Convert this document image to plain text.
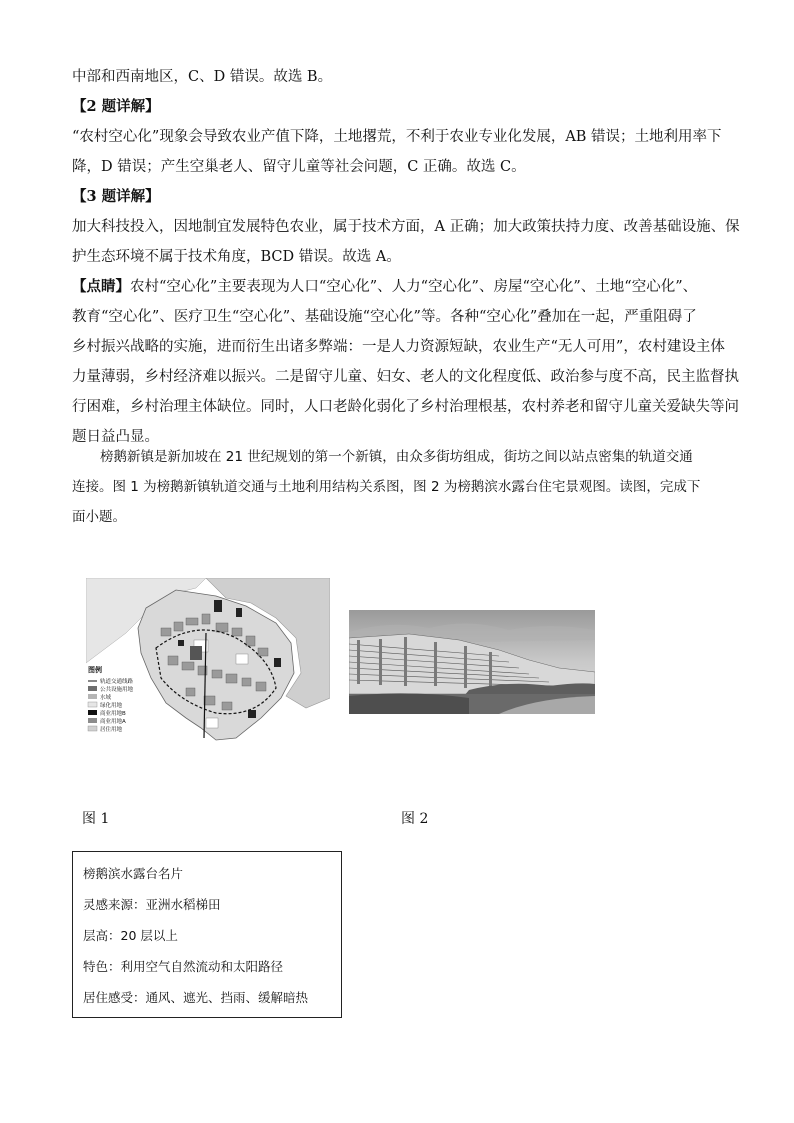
中部和西南地区，C、D 错误。故选 B。
【2 题详解】
“农村空心化”现象会导致农业产值下降，土地撂荒，不利于农业专业化发展，AB 错误；土地利用率下
降，D 错误；产生空巢老人、留守儿童等社会问题，C 正确。故选 C。
【3 题详解】
加大科技投入，因地制宜发展特色农业，属于技术方面，A 正确；加大政策扶持力度、改善基础设施、保
护生态环境不属于技术角度，BCD 错误。故选 A。
【点睛】农村“空心化”主要表现为人口“空心化”、人力“空心化”、房屋“空心化”、土地“空心化”、
教育“空心化”、医疗卫生“空心化”、基础设施“空心化”等。各种“空心化”叠加在一起，严重阻碍了
乡村振兴战略的实施，进而衍生出诸多弊端：一是人力资源短缺，农业生产“无人可用”，农村建设主体
力量薄弱，乡村经济难以振兴。二是留守儿童、妇女、老人的文化程度低、政治参与度不高，民主监督执
行困难，乡村治理主体缺位。同时，人口老龄化弱化了乡村治理根基，农村养老和留守儿童关爱缺失等问
题日益凸显。
榜鹅新镇是新加坡在 21 世纪规划的第一个新镇，由众多街坊组成，街坊之间以站点密集的轨道交通
连接。图 1 为榜鹅新镇轨道交通与土地利用结构关系图，图 2 为榜鹅滨水露台住宅景观图。读图，完成下
面小题。
图例
轨道交通线路
公共设施用地
水域
绿化用地
商业用地B
商业用地A
居住用地
图 1	图 2
榜鹅滨水露台名片
灵感来源：亚洲水稻梯田
层高：20 层以上
特色：利用空气自然流动和太阳路径
居住感受：通风、遮光、挡雨、缓解暗热
